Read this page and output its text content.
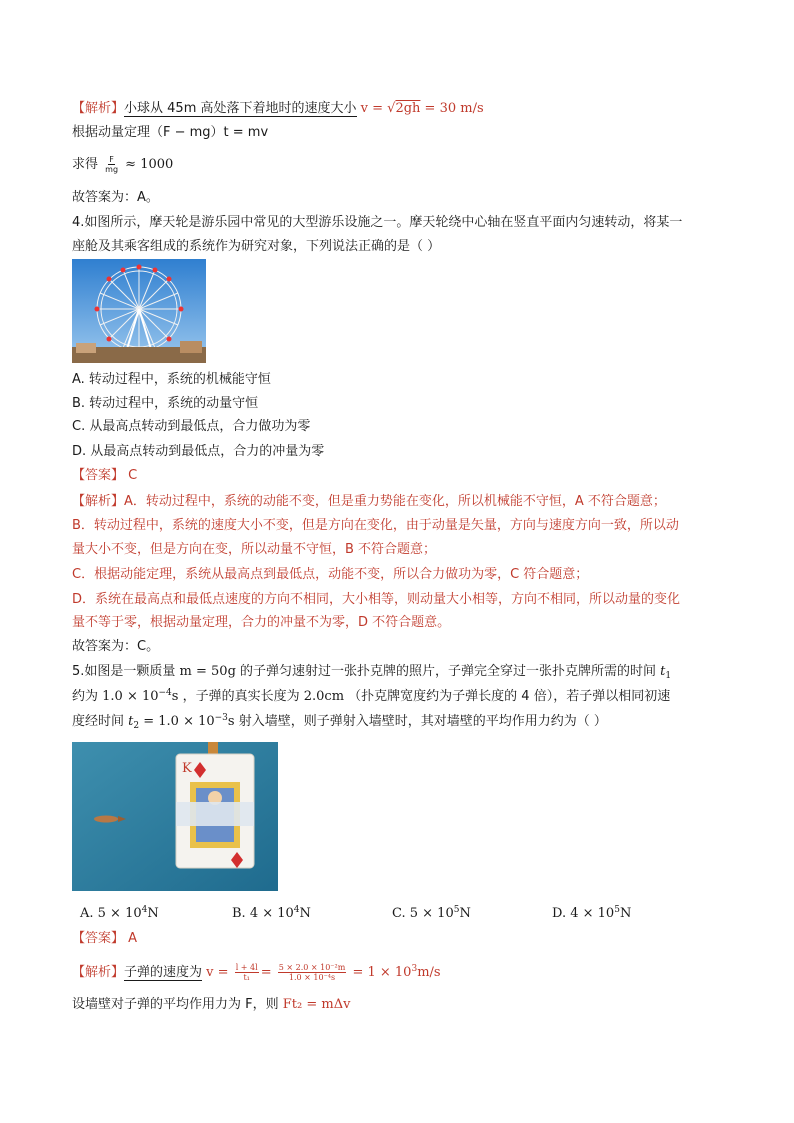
【解析】小球从 45m 高处落下着地时的速度大小 v = √2gh = 30 m/s
根据动量定理（F − mg）t = mv
求得 $\frac{F}{mg} \approx 1000$
故答案为：A。
4.如图所示，摩天轮是游乐园中常见的大型游乐设施之一。摩天轮绕中心轴在竖直平面内匀速转动，将某一
座舱及其乘客组成的系统作为研究对象，下列说法正确的是（ ）
A. 转动过程中，系统的机械能守恒
B. 转动过程中，系统的动量守恒
C. 从最高点转动到最低点，合力做功为零
D. 从最高点转动到最低点，合力的冲量为零
【答案】 C
【解析】A．转动过程中，系统的动能不变，但是重力势能在变化，所以机械能不守恒，A 不符合题意；
B．转动过程中，系统的速度大小不变，但是方向在变化，由于动量是矢量，方向与速度方向一致，所以动
量大小不变，但是方向在变，所以动量不守恒，B 不符合题意；
C．根据动能定理，系统从最高点到最低点，动能不变，所以合力做功为零，C 符合题意；
D．系统在最高点和最低点速度的方向不相同，大小相等，则动量大小相等，方向不相同，所以动量的变化
量不等于零，根据动量定理，合力的冲量不为零，D 不符合题意。
故答案为：C。
5.如图是一颗质量 m = 50g 的子弹匀速射过一张扑克牌的照片，子弹完全穿过一张扑克牌所需的时间 $t_1$
约为 $1.0 \times 10^{-4}s$ ，子弹的真实长度为 2.0cm （扑克牌宽度约为子弹长度的 4 倍），若子弹以相同初速
度经时间 $t_2 = 1.0 \times 10^{-3}s$ 射入墙壁，则子弹射入墙壁时，其对墙壁的平均作用力约为（ ）
K
A. $5 \times 10^4N$	B. $4 \times 10^4N$	C. $5 \times 10^5N$	D. $4 \times 10^5N$
【答案】 A
【解析】子弹的速度为 $v = \frac{l + 4l}{\text{t₁}} = \frac{\text{5 × 2.0 × 10⁻²m}}{\text{1.0 × 10⁻⁴s}} = 1 \times 10^3m/s$
设墙壁对子弹的平均作用力为 F，则 Ft₂ = mΔv
